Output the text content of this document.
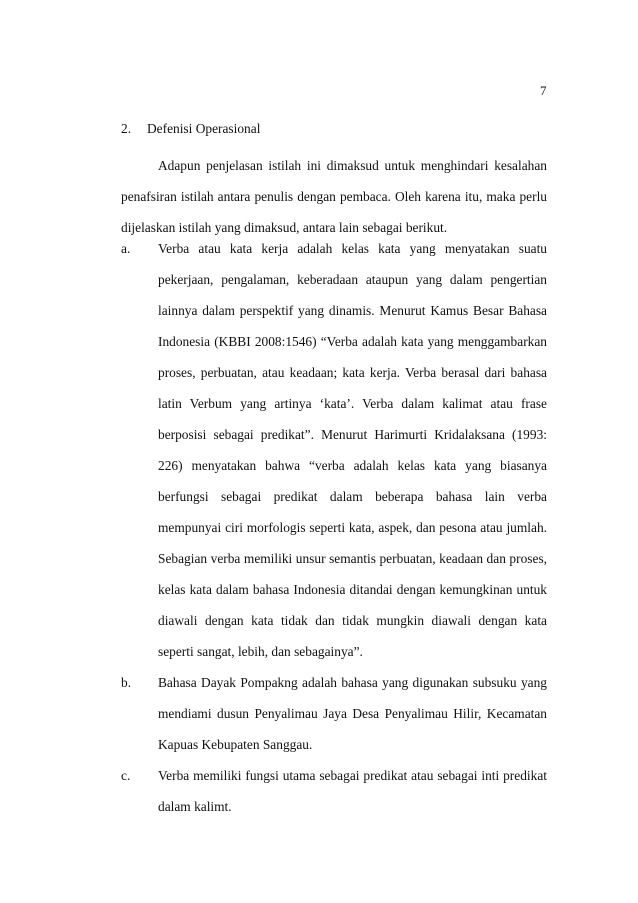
7
2. Defenisi Operasional
Adapun penjelasan istilah ini dimaksud untuk menghindari kesalahan penafsiran istilah antara penulis dengan pembaca. Oleh karena itu, maka perlu dijelaskan istilah yang dimaksud, antara lain sebagai berikut.
a.	Verba atau kata kerja adalah kelas kata yang menyatakan suatu pekerjaan, pengalaman, keberadaan ataupun yang dalam pengertian lainnya dalam perspektif yang dinamis. Menurut Kamus Besar Bahasa Indonesia (KBBI 2008:1546) “Verba adalah kata yang menggambarkan proses, perbuatan, atau keadaan; kata kerja. Verba berasal dari bahasa latin Verbum yang artinya ‘kata’. Verba dalam kalimat atau frase berposisi sebagai predikat”. Menurut Harimurti Kridalaksana (1993: 226) menyatakan bahwa “verba adalah kelas kata yang biasanya berfungsi sebagai predikat dalam beberapa bahasa lain verba mempunyai ciri morfologis seperti kata, aspek, dan pesona atau jumlah. Sebagian verba memiliki unsur semantis perbuatan, keadaan dan proses, kelas kata dalam bahasa Indonesia ditandai dengan kemungkinan untuk diawali dengan kata tidak dan tidak mungkin diawali dengan kata seperti sangat, lebih, dan sebagainya”.
b.	Bahasa Dayak Pompakng adalah bahasa yang digunakan subsuku yang mendiami dusun Penyalimau Jaya Desa Penyalimau Hilir, Kecamatan Kapuas Kebupaten Sanggau.
c.	Verba memiliki fungsi utama sebagai predikat atau sebagai inti predikat dalam kalimt.
